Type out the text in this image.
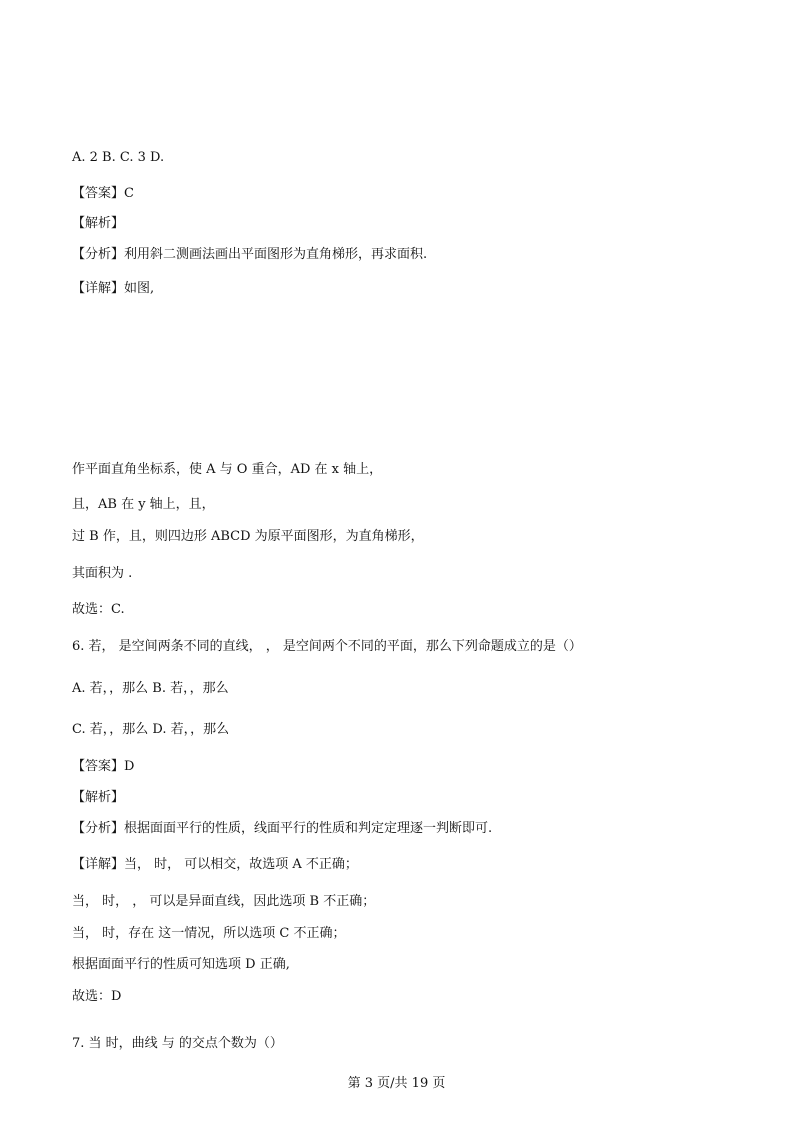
A. 2 B. C. 3 D.

【答案】C

【解析】

【分析】利用斜二测画法画出平面图形为直角梯形，再求面积.

【详解】如图,

作平面直角坐标系，使 A 与 O 重合，AD 在 x 轴上，

且，AB 在 y 轴上，且，

过 B 作，且，则四边形 ABCD 为原平面图形，为直角梯形，

其面积为 .

故选：C.

6. 若， 是空间两条不同的直线， ， 是空间两个不同的平面，那么下列命题成立的是（）

A. 若，，那么 B. 若，，那么

C. 若，，那么 D. 若，，那么

【答案】D

【解析】

【分析】根据面面平行的性质，线面平行的性质和判定定理逐一判断即可.

【详解】当， 时， 可以相交，故选项 A 不正确；

当， 时， ， 可以是异面直线，因此选项 B 不正确；

当， 时，存在 这一情况，所以选项 C 不正确；

根据面面平行的性质可知选项 D 正确,

故选：D

7. 当 时，曲线 与 的交点个数为（）

第 3 页/共 19 页
